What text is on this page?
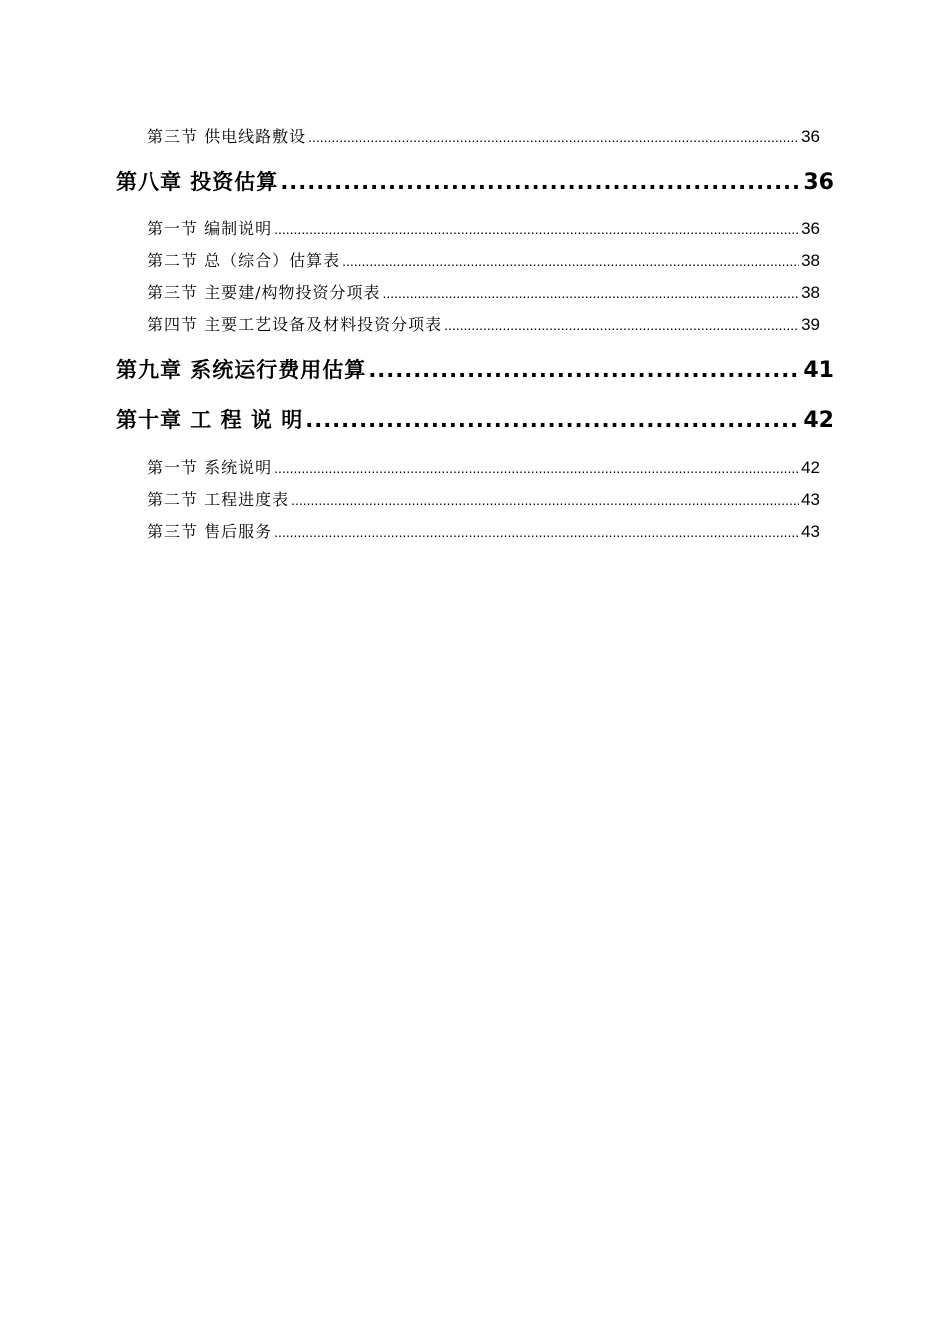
第三节 供电线路敷设 .....	36
第八章 投资估算 .....	36
第一节 编制说明 .....	36
第二节 总（综合）估算表 .....	38
第三节 主要建/构物投资分项表 .....	38
第四节 主要工艺设备及材料投资分项表 .....	39
第九章 系统运行费用估算 .....	41
第十章 工 程 说 明 .....	42
第一节 系统说明 .....	42
第二节 工程进度表 .....	43
第三节 售后服务 .....	43
